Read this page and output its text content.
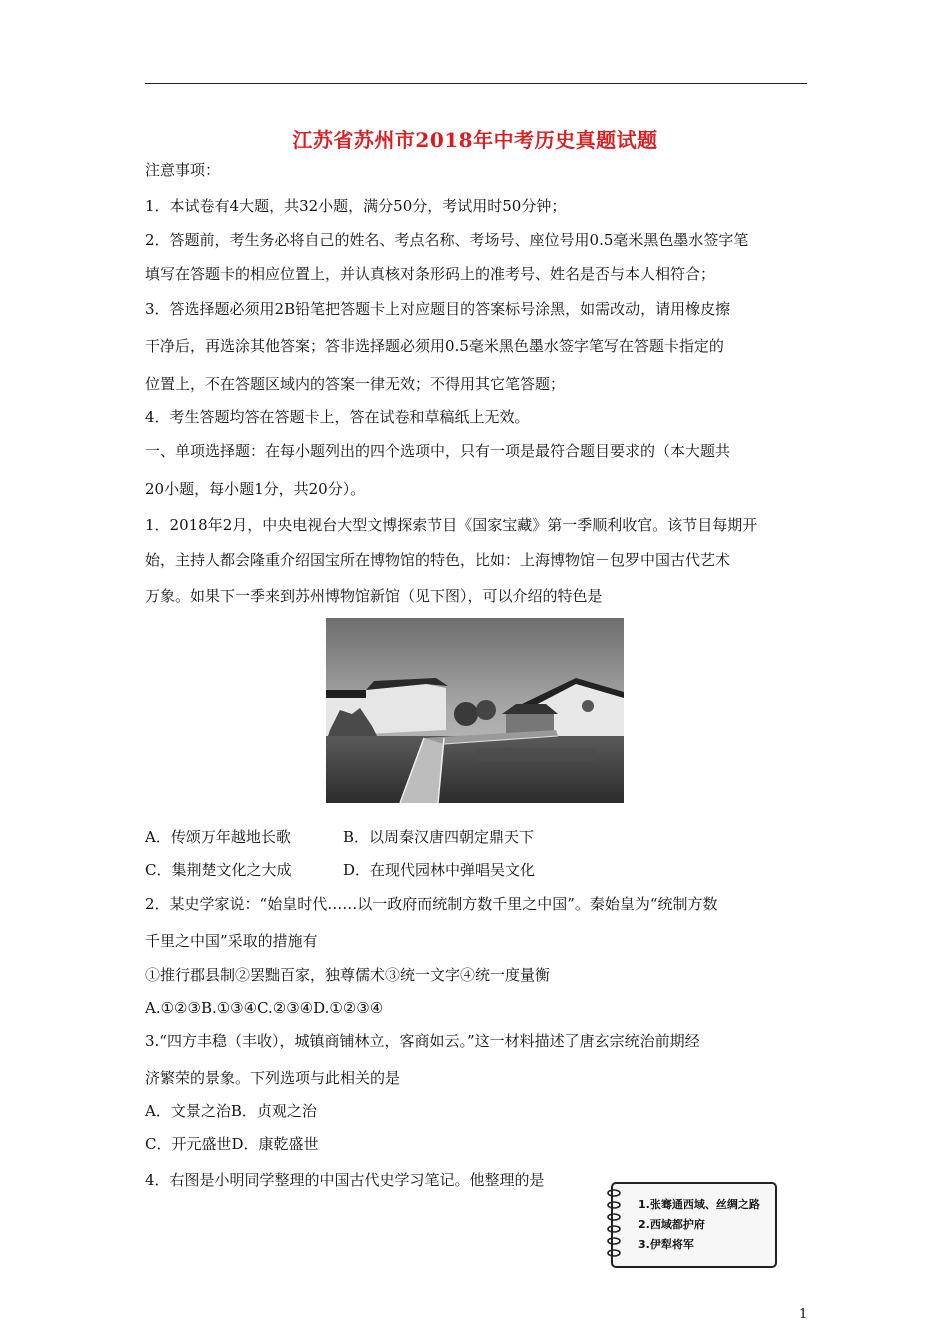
江苏省苏州市2018年中考历史真题试题
注意事项：
1．本试卷有4大题，共32小题，满分50分，考试用时50分钟；
2．答题前，考生务必将自己的姓名、考点名称、考场号、座位号用0.5毫米黑色墨水签字笔
填写在答题卡的相应位置上，并认真核对条形码上的准考号、姓名是否与本人相符合；
3．答选择题必须用2B铅笔把答题卡上对应题目的答案标号涂黑，如需改动，请用橡皮擦
干净后，再选涂其他答案；答非选择题必须用0.5毫米黑色墨水签字笔写在答题卡指定的
位置上，不在答题区域内的答案一律无效；不得用其它笔答题；
4．考生答题均答在答题卡上，答在试卷和草稿纸上无效。
一、单项选择题：在每小题列出的四个选项中，只有一项是最符合题目要求的（本大题共
20小题，每小题1分，共20分）。
1．2018年2月，中央电视台大型文博探索节目《国家宝藏》第一季顺利收官。该节目每期开
始，主持人都会隆重介绍国宝所在博物馆的特色，比如：上海博物馆－包罗中国古代艺术
万象。如果下一季来到苏州博物馆新馆（见下图），可以介绍的特色是
A．传颂万年越地长歌	B．以周秦汉唐四朝定鼎天下
C．集荆楚文化之大成	D．在现代园林中弹唱吴文化
2．某史学家说：“始皇时代……以一政府而统制方数千里之中国”。秦始皇为“统制方数
千里之中国”采取的措施有
①推行郡县制②罢黜百家，独尊儒术③统一文字④统一度量衡
A.①②③B.①③④C.②③④D.①②③④
3.“四方丰稳（丰收），城镇商铺林立，客商如云。”这一材料描述了唐玄宗统治前期经
济繁荣的景象。下列选项与此相关的是
A．文景之治B．贞观之治
C．开元盛世D．康乾盛世
4．右图是小明同学整理的中国古代史学习笔记。他整理的是
1.张骞通西域、丝绸之路
2.西域都护府
3.伊犁将军
1
